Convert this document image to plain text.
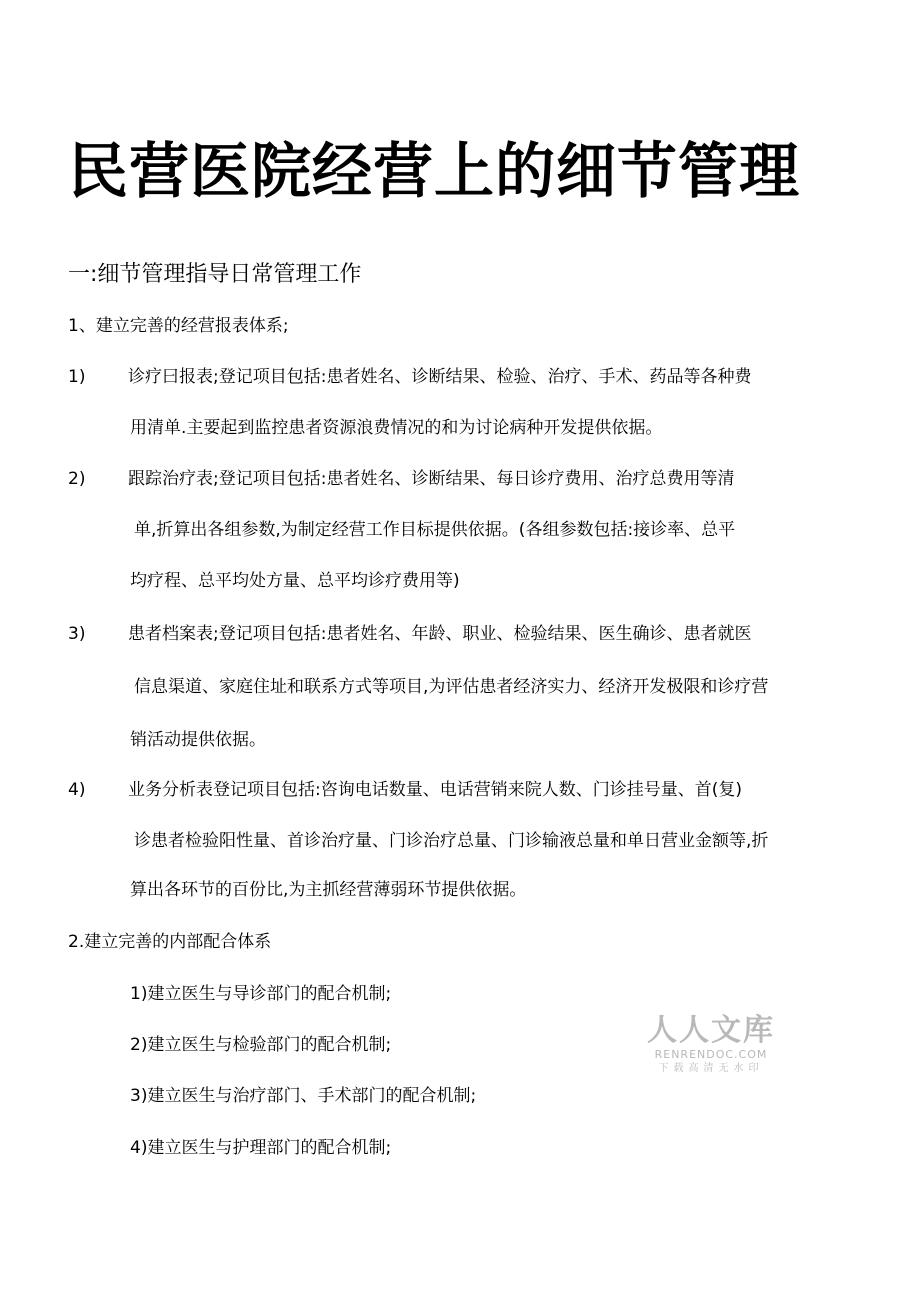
民营医院经营上的细节管理
一:细节管理指导日常管理工作
1、建立完善的经营报表体系;
1)	诊疗曰报表;登记项目包括:患者姓名、诊断结果、检验、治疗、手术、药品等各种费
用清单.主要起到监控患者资源浪费情况的和为讨论病种开发提供依据。
2)	跟踪治疗表;登记项目包括:患者姓名、诊断结果、每日诊疗费用、治疗总费用等清
单,折算出各组参数,为制定经营工作目标提供依据。(各组参数包括:接诊率、总平
均疗程、总平均处方量、总平均诊疗费用等)
3)	患者档案表;登记项目包括:患者姓名、年龄、职业、检验结果、医生确诊、患者就医
信息渠道、家庭住址和联系方式等项目,为评估患者经济实力、经济开发极限和诊疗营
销活动提供依据。
4)	业务分析表登记项目包括:咨询电话数量、电话营销来院人数、门诊挂号量、首(复)
诊患者检验阳性量、首诊治疗量、门诊治疗总量、门诊输液总量和单日营业金额等,折
算出各环节的百份比,为主抓经营薄弱环节提供依据。
2.建立完善的内部配合体系
1)建立医生与导诊部门的配合机制;
2)建立医生与检验部门的配合机制;
3)建立医生与治疗部门、手术部门的配合机制;
4)建立医生与护理部门的配合机制;
人人文库
RENRENDOC.COM
下载高清无水印
